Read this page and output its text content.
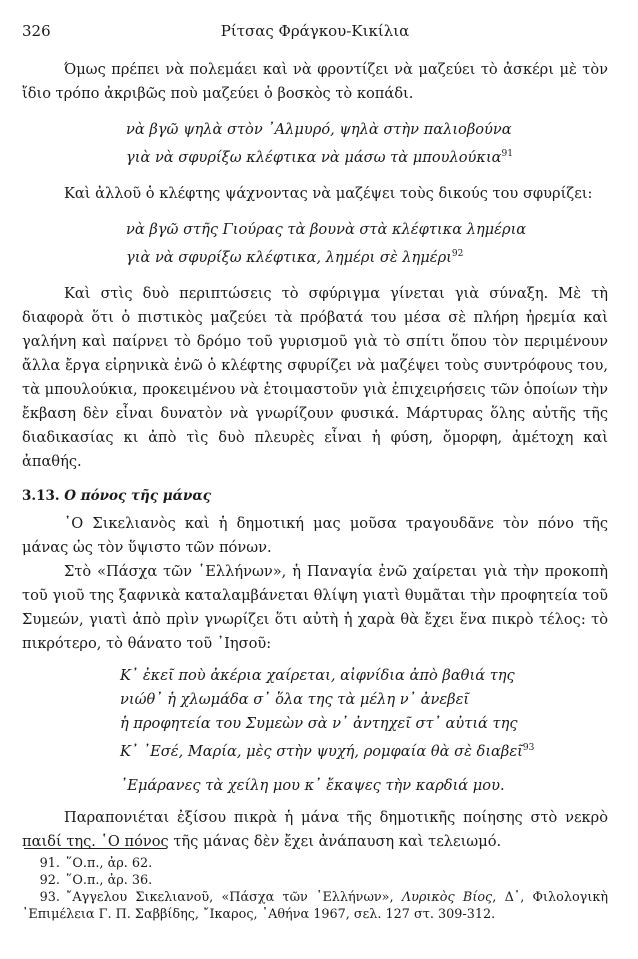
326	Ρίτσας Φράγκου-Κικίλια

Όμως πρέπει νὰ πολεμάει καὶ νὰ φροντίζει νὰ μαζεύει τὸ ἀσκέρι μὲ τὸν ἴδιο τρόπο ἀκριβῶς ποὺ μαζεύει ὁ βοσκὸς τὸ κοπάδι.

νὰ βγῶ ψηλὰ στὸν ᾿Αλμυρό, ψηλὰ στὴν παλιοβούνα
γιὰ νὰ σφυρίξω κλέφτικα νὰ μάσω τὰ μπουλούκια$^{91}$

Καὶ ἀλλοῦ ὁ κλέφτης ψάχνοντας νὰ μαζέψει τοὺς δικούς του σφυρίζει:

νὰ βγῶ στῆς Γιούρας τὰ βουνὰ στὰ κλέφτικα λημέρια
γιὰ νὰ σφυρίξω κλέφτικα, λημέρι σὲ λημέρι$^{92}$

Καὶ στὶς δυὸ περιπτώσεις τὸ σφύριγμα γίνεται γιὰ σύναξη. Μὲ τὴ διαφορὰ ὅτι ὁ πιστικὸς μαζεύει τὰ πρόβατά του μέσα σὲ πλήρη ἠρεμία καὶ γαλήνη καὶ παίρνει τὸ δρόμο τοῦ γυρισμοῦ γιὰ τὸ σπίτι ὅπου τὸν περιμένουν ἄλλα ἔργα εἰρηνικὰ ἐνῶ ὁ κλέφτης σφυρίζει νὰ μαζέψει τοὺς συντρόφους του, τὰ μπουλούκια, προκειμένου νὰ ἑτοιμαστοῦν γιὰ ἐπιχειρήσεις τῶν ὁποίων τὴν ἔκβαση δὲν εἶναι δυνατὸν νὰ γνωρίζουν φυσικά. Μάρτυρας ὅλης αὐτῆς τῆς διαδικασίας κι ἀπὸ τὶς δυὸ πλευρὲς εἶναι ἡ φύση, ὄμορφη, ἀμέτοχη καὶ ἀπαθής.

3.13. Ο πόνος τῆς μάνας

῾Ο Σικελιανὸς καὶ ἡ δημοτική μας μοῦσα τραγουδᾶνε τὸν πόνο τῆς μάνας ὡς τὸν ὕψιστο τῶν πόνων.

Στὸ «Πάσχα τῶν ῾Ελλήνων», ἡ Παναγία ἐνῶ χαίρεται γιὰ τὴν προκοπὴ τοῦ γιοῦ της ξαφνικὰ καταλαμβάνεται θλίψη γιατὶ θυμᾶται τὴν προφητεία τοῦ Συμεών, γιατὶ ἀπὸ πρὶν γνωρίζει ὅτι αὐτὴ ἡ χαρὰ θὰ ἔχει ἕνα πικρὸ τέλος: τὸ πικρότερο, τὸ θάνατο τοῦ ᾿Ιησοῦ:

Κ᾿ ἐκεῖ ποὺ ἀκέρια χαίρεται, αἰφνίδια ἀπὸ βαθιά της
νιώθ᾿ ἡ χλωμάδα σ᾿ ὅλα της τὰ μέλη ν᾿ ἀνεβεῖ
ἡ προφητεία του Συμεὼν σὰ ν᾿ ἀντηχεῖ στ᾿ αὐτιά της
Κ᾿ ᾿Εσέ, Μαρία, μὲς στὴν ψυχή, ρομφαία θὰ σὲ διαβεῖ$^{93}$
᾿Εμάρανες τὰ χείλη μου κ᾿ ἔκαψες τὴν καρδιά μου.

Παραπονιέται ἐξίσου πικρὰ ἡ μάνα τῆς δημοτικῆς ποίησης στὸ νεκρὸ παιδί της. ῾Ο πόνος τῆς μάνας δὲν ἔχει ἀνάπαυση καὶ τελειωμό.

91. ῞Ο.π., ἀρ. 62.

92. ῞Ο.π., ἀρ. 36.

93. ῎Αγγελου Σικελιανοῦ, «Πάσχα τῶν ῾Ελλήνων», Λυρικὸς Βίος, Δ᾿, Φιλολογικὴ ᾿Επιμέλεια Γ. Π. Σαββίδης, ῎Ικαρος, ᾿Αθήνα 1967, σελ. 127 στ. 309-312.
